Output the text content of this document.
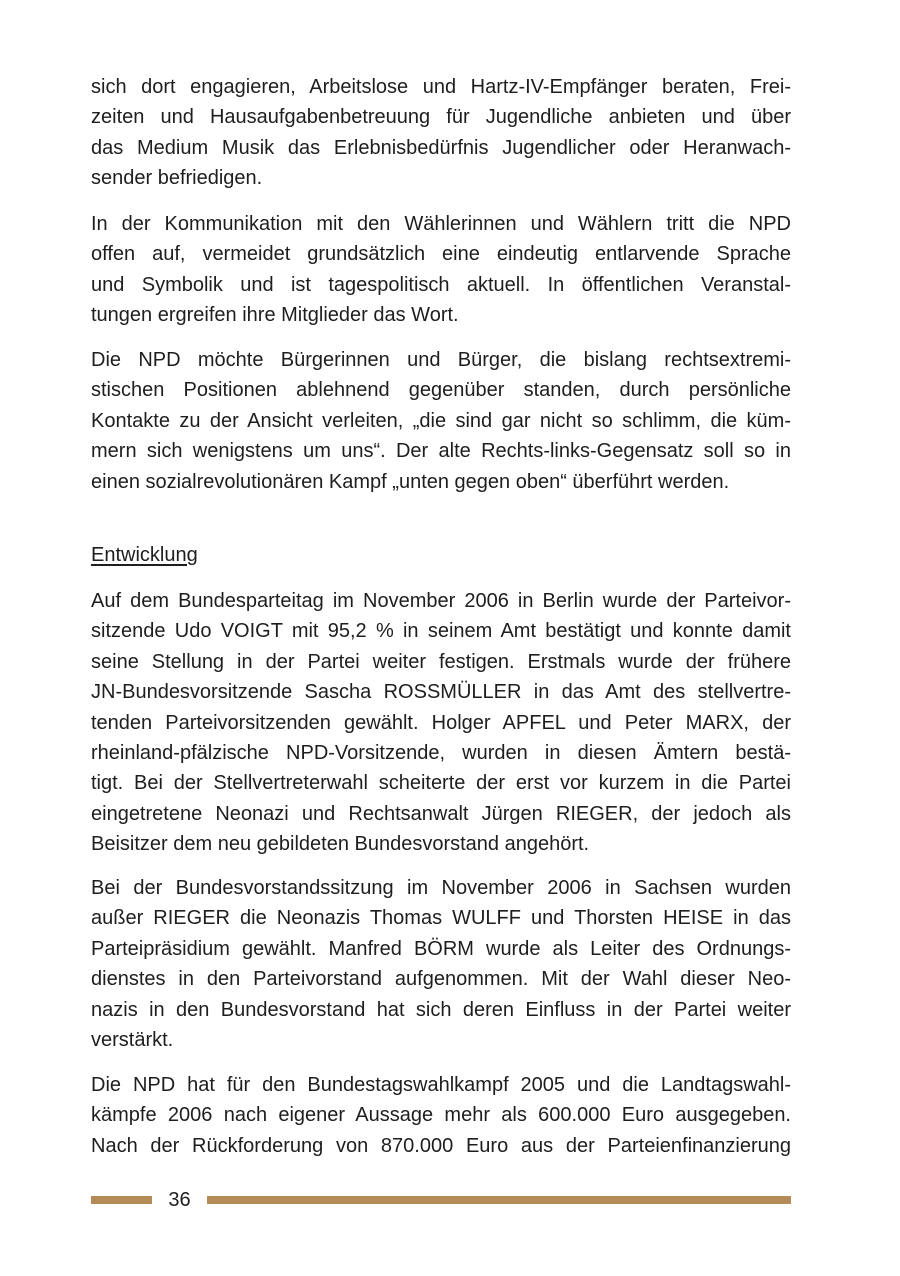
sich dort engagieren, Arbeitslose und Hartz-IV-Empfänger beraten, Frei-
zeiten und Hausaufgabenbetreuung für Jugendliche anbieten und über
das Medium Musik das Erlebnisbedürfnis Jugendlicher oder Heranwach-
sender befriedigen.
In der Kommunikation mit den Wählerinnen und Wählern tritt die NPD
offen auf, vermeidet grundsätzlich eine eindeutig entlarvende Sprache
und Symbolik und ist tagespolitisch aktuell. In öffentlichen Veranstal-
tungen ergreifen ihre Mitglieder das Wort.
Die NPD möchte Bürgerinnen und Bürger, die bislang rechtsextremi-
stischen Positionen ablehnend gegenüber standen, durch persönliche
Kontakte zu der Ansicht verleiten, „die sind gar nicht so schlimm, die küm-
mern sich wenigstens um uns“. Der alte Rechts-links-Gegensatz soll so in
einen sozialrevolutionären Kampf „unten gegen oben“ überführt werden.
Entwicklung
Auf dem Bundesparteitag im November 2006 in Berlin wurde der Parteivor-
sitzende Udo VOIGT mit 95,2 % in seinem Amt bestätigt und konnte damit
seine Stellung in der Partei weiter festigen. Erstmals wurde der frühere
JN-Bundesvorsitzende Sascha ROSSMÜLLER in das Amt des stellvertre-
tenden Parteivorsitzenden gewählt. Holger APFEL und Peter MARX, der
rheinland-pfälzische NPD-Vorsitzende, wurden in diesen Ämtern bestä-
tigt. Bei der Stellvertreterwahl scheiterte der erst vor kurzem in die Partei
eingetretene Neonazi und Rechtsanwalt Jürgen RIEGER, der jedoch als
Beisitzer dem neu gebildeten Bundesvorstand angehört.
Bei der Bundesvorstandssitzung im November 2006 in Sachsen wurden
außer RIEGER die Neonazis Thomas WULFF und Thorsten HEISE in das
Parteipräsidium gewählt. Manfred BÖRM wurde als Leiter des Ordnungs-
dienstes in den Parteivorstand aufgenommen. Mit der Wahl dieser Neo-
nazis in den Bundesvorstand hat sich deren Einfluss in der Partei weiter
verstärkt.
Die NPD hat für den Bundestagswahlkampf 2005 und die Landtagswahl-
kämpfe 2006 nach eigener Aussage mehr als 600.000 Euro ausgegeben.
Nach der Rückforderung von 870.000 Euro aus der Parteienfinanzierung
36
